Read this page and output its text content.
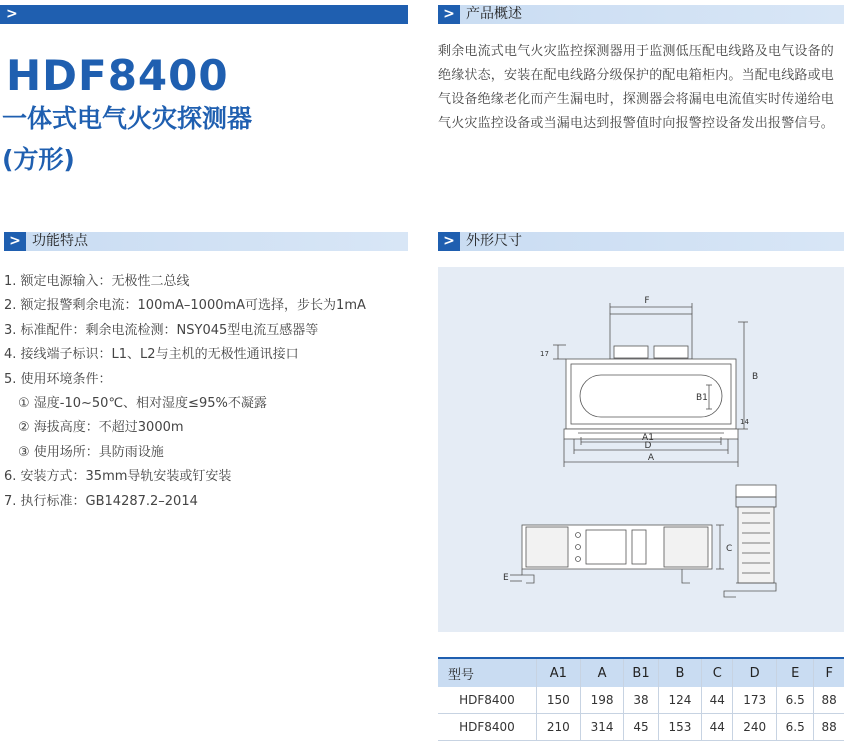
>	> 产品概述
HDF8400
一体式电气火灾探测器
(方形)
剩余电流式电气火灾监控探测器用于监测低压配电线路及电气设备的绝缘状态，安装在配电线路分级保护的配电箱柜内。当配电线路或电气设备绝缘老化而产生漏电时，探测器会将漏电电流值实时传递给电气火灾监控设备或当漏电达到报警值时向报警控设备发出报警信号。
> 功能特点
1. 额定电源输入：无极性二总线
2. 额定报警剩余电流：100mA–1000mA可选择，步长为1mA
3. 标准配件：剩余电流检测：NSY045型电流互感器等
4. 接线端子标识：L1、L2与主机的无极性通讯接口
5. 使用环境条件：
① 湿度-10~50℃、相对湿度≤95%不凝露
② 海拔高度：不超过3000m
③ 使用场所：具防雨设施
6. 安装方式：35mm导轨安装或钉安装
7. 执行标准：GB14287.2–2014
> 外形尺寸
F
B
17
B1
A1
D
A
14
C
E
型号	A1	A	B1	B	C	D	E	F
HDF8400	150	198	38	124	44	173	6.5	88
HDF8400	210	314	45	153	44	240	6.5	88
